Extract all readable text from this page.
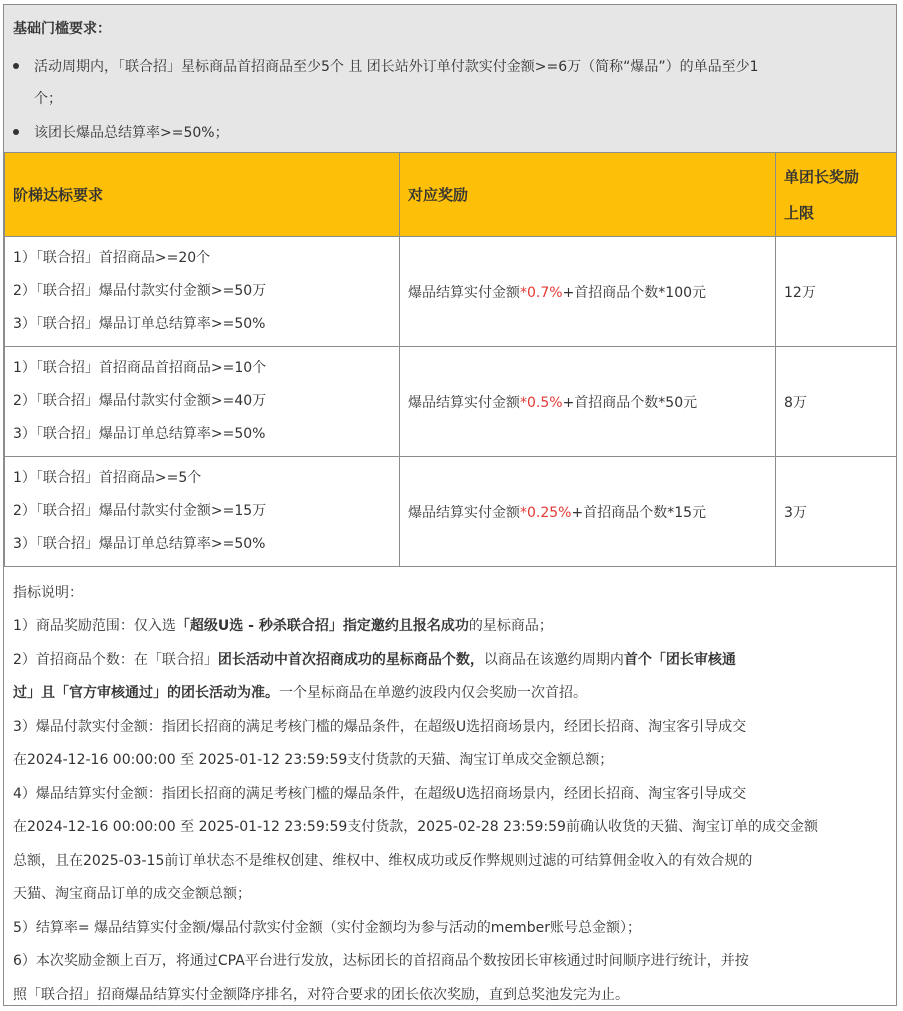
基础门槛要求：
活动周期内，「联合招」星标商品首招商品至少5个 且 团长站外订单付款实付金额>=6万（简称“爆品”）的单品至少1
个；
该团长爆品总结算率>=50%；
阶梯达标要求	对应奖励	单团长奖励
上限

1）「联合招」首招商品>=20个
2）「联合招」爆品付款实付金额>=50万
3）「联合招」爆品订单总结算率>=50%	爆品结算实付金额*0.7%+首招商品个数*100元	12万

1）「联合招」首招商品首招商品>=10个
2）「联合招」爆品付款实付金额>=40万
3）「联合招」爆品订单总结算率>=50%	爆品结算实付金额*0.5%+首招商品个数*50元	8万

1）「联合招」首招商品>=5个
2）「联合招」爆品付款实付金额>=15万
3）「联合招」爆品订单总结算率>=50%	爆品结算实付金额*0.25%+首招商品个数*15元	3万
指标说明：
1）商品奖励范围：仅入选「超级U选 - 秒杀联合招」指定邀约且报名成功的星标商品；
2）首招商品个数：在「联合招」团长活动中首次招商成功的星标商品个数，以商品在该邀约周期内首个「团长审核通
过」且「官方审核通过」的团长活动为准。一个星标商品在单邀约波段内仅会奖励一次首招。
3）爆品付款实付金额：指团长招商的满足考核门槛的爆品条件，在超级U选招商场景内，经团长招商、淘宝客引导成交
在2024-12-16 00:00:00 至 2025-01-12 23:59:59支付货款的天猫、淘宝订单成交金额总额；
4）爆品结算实付金额：指团长招商的满足考核门槛的爆品条件，在超级U选招商场景内，经团长招商、淘宝客引导成交
在2024-12-16 00:00:00 至 2025-01-12 23:59:59支付货款，2025-02-28 23:59:59前确认收货的天猫、淘宝订单的成交金额
总额，且在2025-03-15前订单状态不是维权创建、维权中、维权成功或反作弊规则过滤的可结算佣金收入的有效合规的
天猫、淘宝商品订单的成交金额总额；
5）结算率= 爆品结算实付金额/爆品付款实付金额（实付金额均为参与活动的member账号总金额）；
6）本次奖励金额上百万，将通过CPA平台进行发放，达标团长的首招商品个数按团长审核通过时间顺序进行统计，并按
照「联合招」招商爆品结算实付金额降序排名，对符合要求的团长依次奖励，直到总奖池发完为止。
